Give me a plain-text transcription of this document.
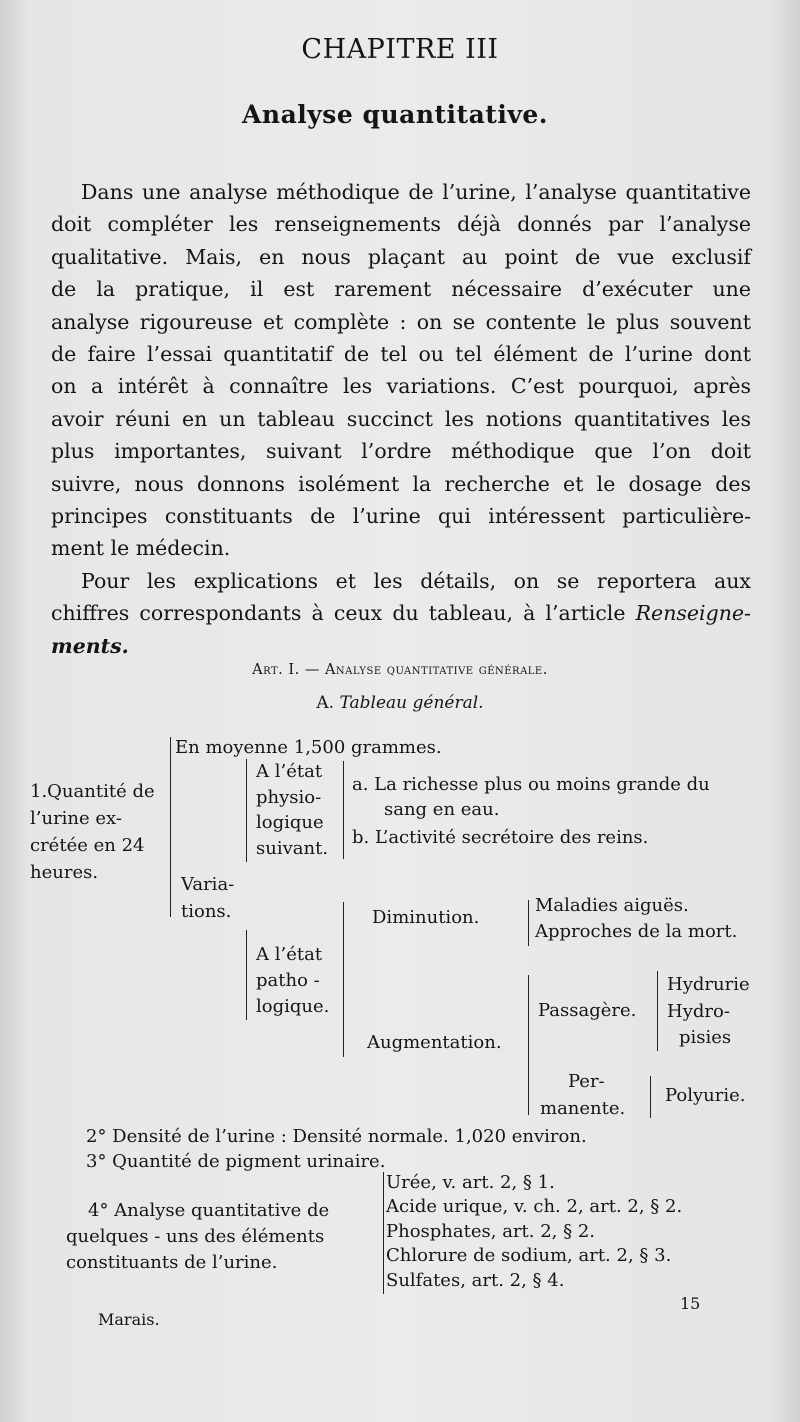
CHAPITRE III
Analyse quantitative.
Dans une analyse méthodique de l’urine, l’analyse quantitative
doit compléter les renseignements déjà donnés par l’analyse
qualitative. Mais, en nous plaçant au point de vue exclusif
de la pratique, il est rarement nécessaire d’exécuter une
analyse rigoureuse et complète : on se contente le plus souvent
de faire l’essai quantitatif de tel ou tel élément de l’urine dont
on a intérêt à connaître les variations. C’est pourquoi, après
avoir réuni en un tableau succinct les notions quantitatives les
plus importantes, suivant l’ordre méthodique que l’on doit
suivre, nous donnons isolément la recherche et le dosage des
principes constituants de l’urine qui intéressent particulière-
ment le médecin.
Pour les explications et les détails, on se reportera aux
chiffres correspondants à ceux du tableau, à l’article Renseigne-
ments.
Art. I. — Analyse quantitative générale.
A. Tableau général.
1.Quantité de
l’urine ex-
crétée en 24
heures.
En moyenne 1,500 grammes.
Varia-
tions.
A l’état
physio-
logique
suivant.
a. La richesse plus ou moins grande du
sang en eau.
b. L’activité secrétoire des reins.
A l’état
patho -
logique.
Diminution.
Maladies aiguës.
Approches de la mort.
Augmentation.
Passagère.
Hydrurie
Hydro-
pisies
Per-
manente.
Polyurie.
2° Densité de l’urine : Densité normale. 1,020 environ.
3° Quantité de pigment urinaire.
4° Analyse quantitative de
quelques - uns des éléments
constituants de l’urine.
Urée, v. art. 2, § 1.
Acide urique, v. ch. 2, art. 2, § 2.
Phosphates, art. 2, § 2.
Chlorure de sodium, art. 2, § 3.
Sulfates, art. 2, § 4.
Marais.
15
